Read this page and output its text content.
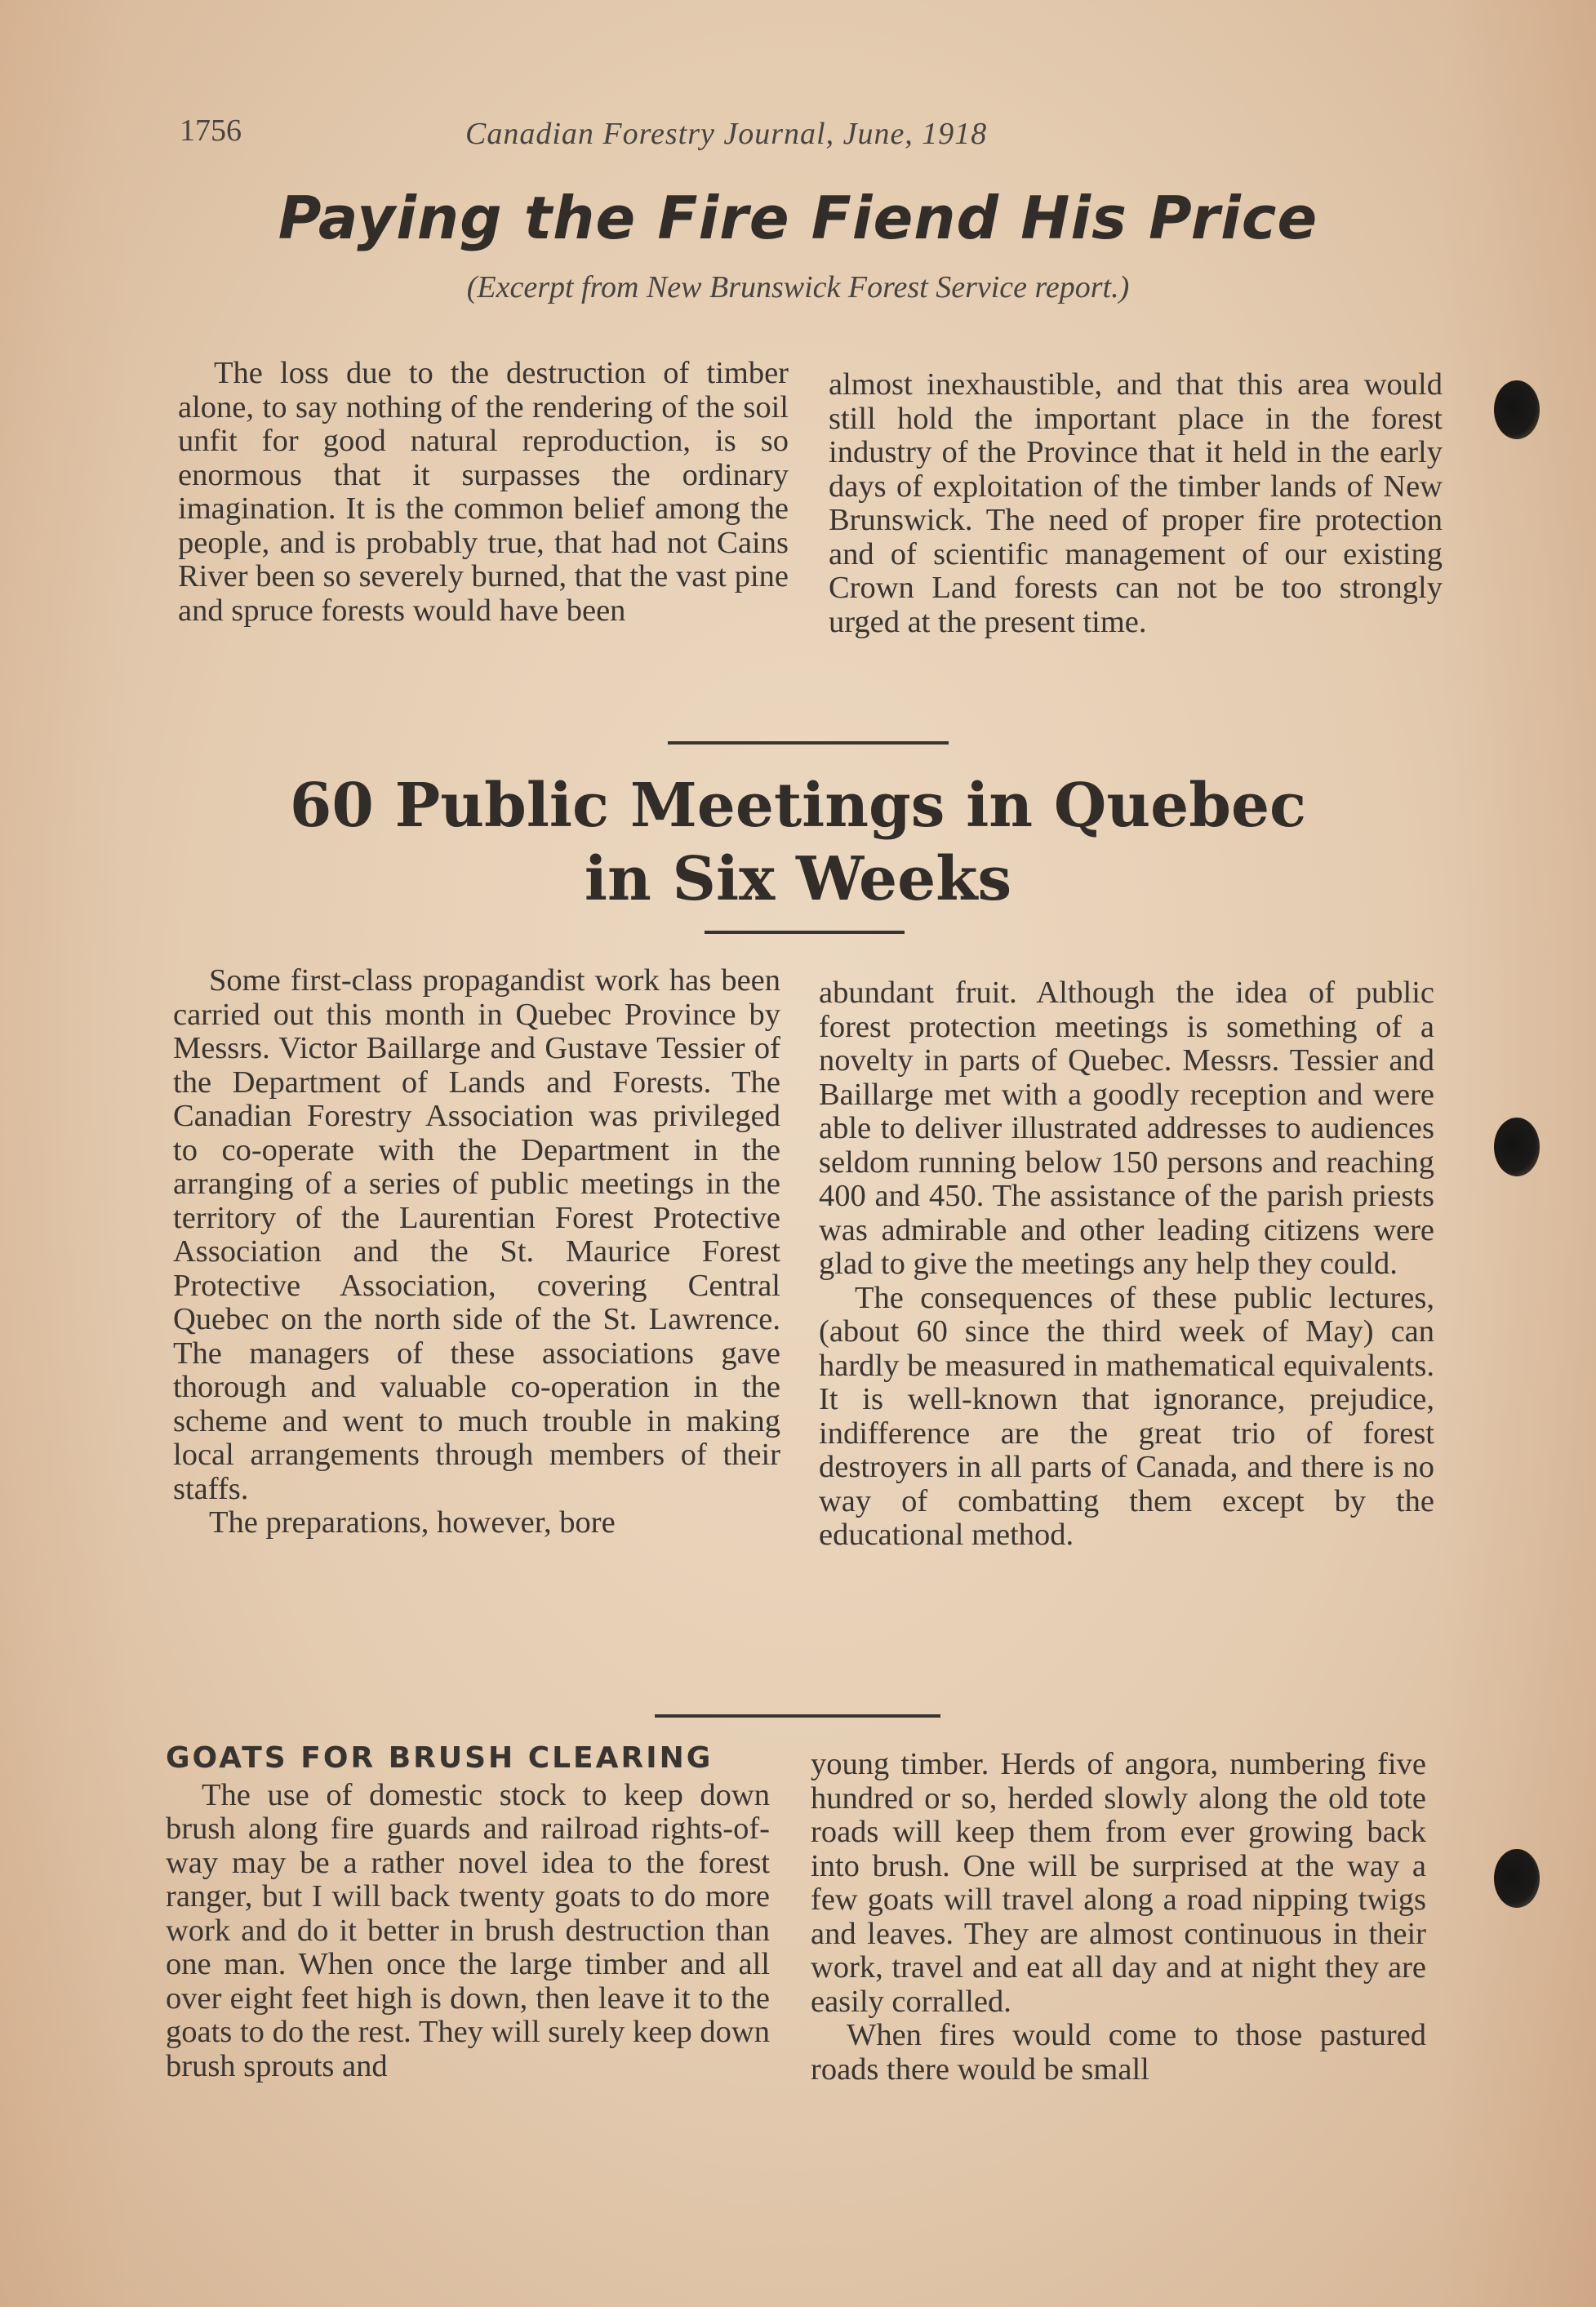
1756	Canadian Forestry Journal, June, 1918
Paying the Fire Fiend His Price
(Excerpt from New Brunswick Forest Service report.)

The loss due to the destruction of timber alone, to say nothing of the rendering of the soil unfit for good natural reproduction, is so enormous that it surpasses the ordinary imagination. It is the common belief among the people, and is probably true, that had not Cains River been so severely burned, that the vast pine and spruce forests would have been

almost inexhaustible, and that this area would still hold the important place in the forest industry of the Province that it held in the early days of exploitation of the timber lands of New Brunswick. The need of proper fire protection and of scientific management of our existing Crown Land forests can not be too strongly urged at the present time.

60 Public Meetings in Quebec
in Six Weeks

Some first-class propagandist work has been carried out this month in Quebec Province by Messrs. Victor Baillarge and Gustave Tessier of the Department of Lands and Forests. The Canadian Forestry Association was privileged to co-operate with the Department in the arranging of a series of public meetings in the territory of the Laurentian Forest Protective Association and the St. Maurice Forest Protective Association, covering Central Quebec on the north side of the St. Lawrence. The managers of these associations gave thorough and valuable co-operation in the scheme and went to much trouble in making local arrangements through members of their staffs.

The preparations, however, bore

abundant fruit. Although the idea of public forest protection meetings is something of a novelty in parts of Quebec. Messrs. Tessier and Baillarge met with a goodly reception and were able to deliver illustrated addresses to audiences seldom running below 150 persons and reaching 400 and 450. The assistance of the parish priests was admirable and other leading citizens were glad to give the meetings any help they could.

The consequences of these public lectures, (about 60 since the third week of May) can hardly be measured in mathematical equivalents. It is well-known that ignorance, prejudice, indifference are the great trio of forest destroyers in all parts of Canada, and there is no way of combatting them except by the educational method.

GOATS FOR BRUSH CLEARING

The use of domestic stock to keep down brush along fire guards and railroad rights-of-way may be a rather novel idea to the forest ranger, but I will back twenty goats to do more work and do it better in brush destruction than one man. When once the large timber and all over eight feet high is down, then leave it to the goats to do the rest. They will surely keep down brush sprouts and

young timber. Herds of angora, numbering five hundred or so, herded slowly along the old tote roads will keep them from ever growing back into brush. One will be surprised at the way a few goats will travel along a road nipping twigs and leaves. They are almost continuous in their work, travel and eat all day and at night they are easily corralled.

When fires would come to those pastured roads there would be small
